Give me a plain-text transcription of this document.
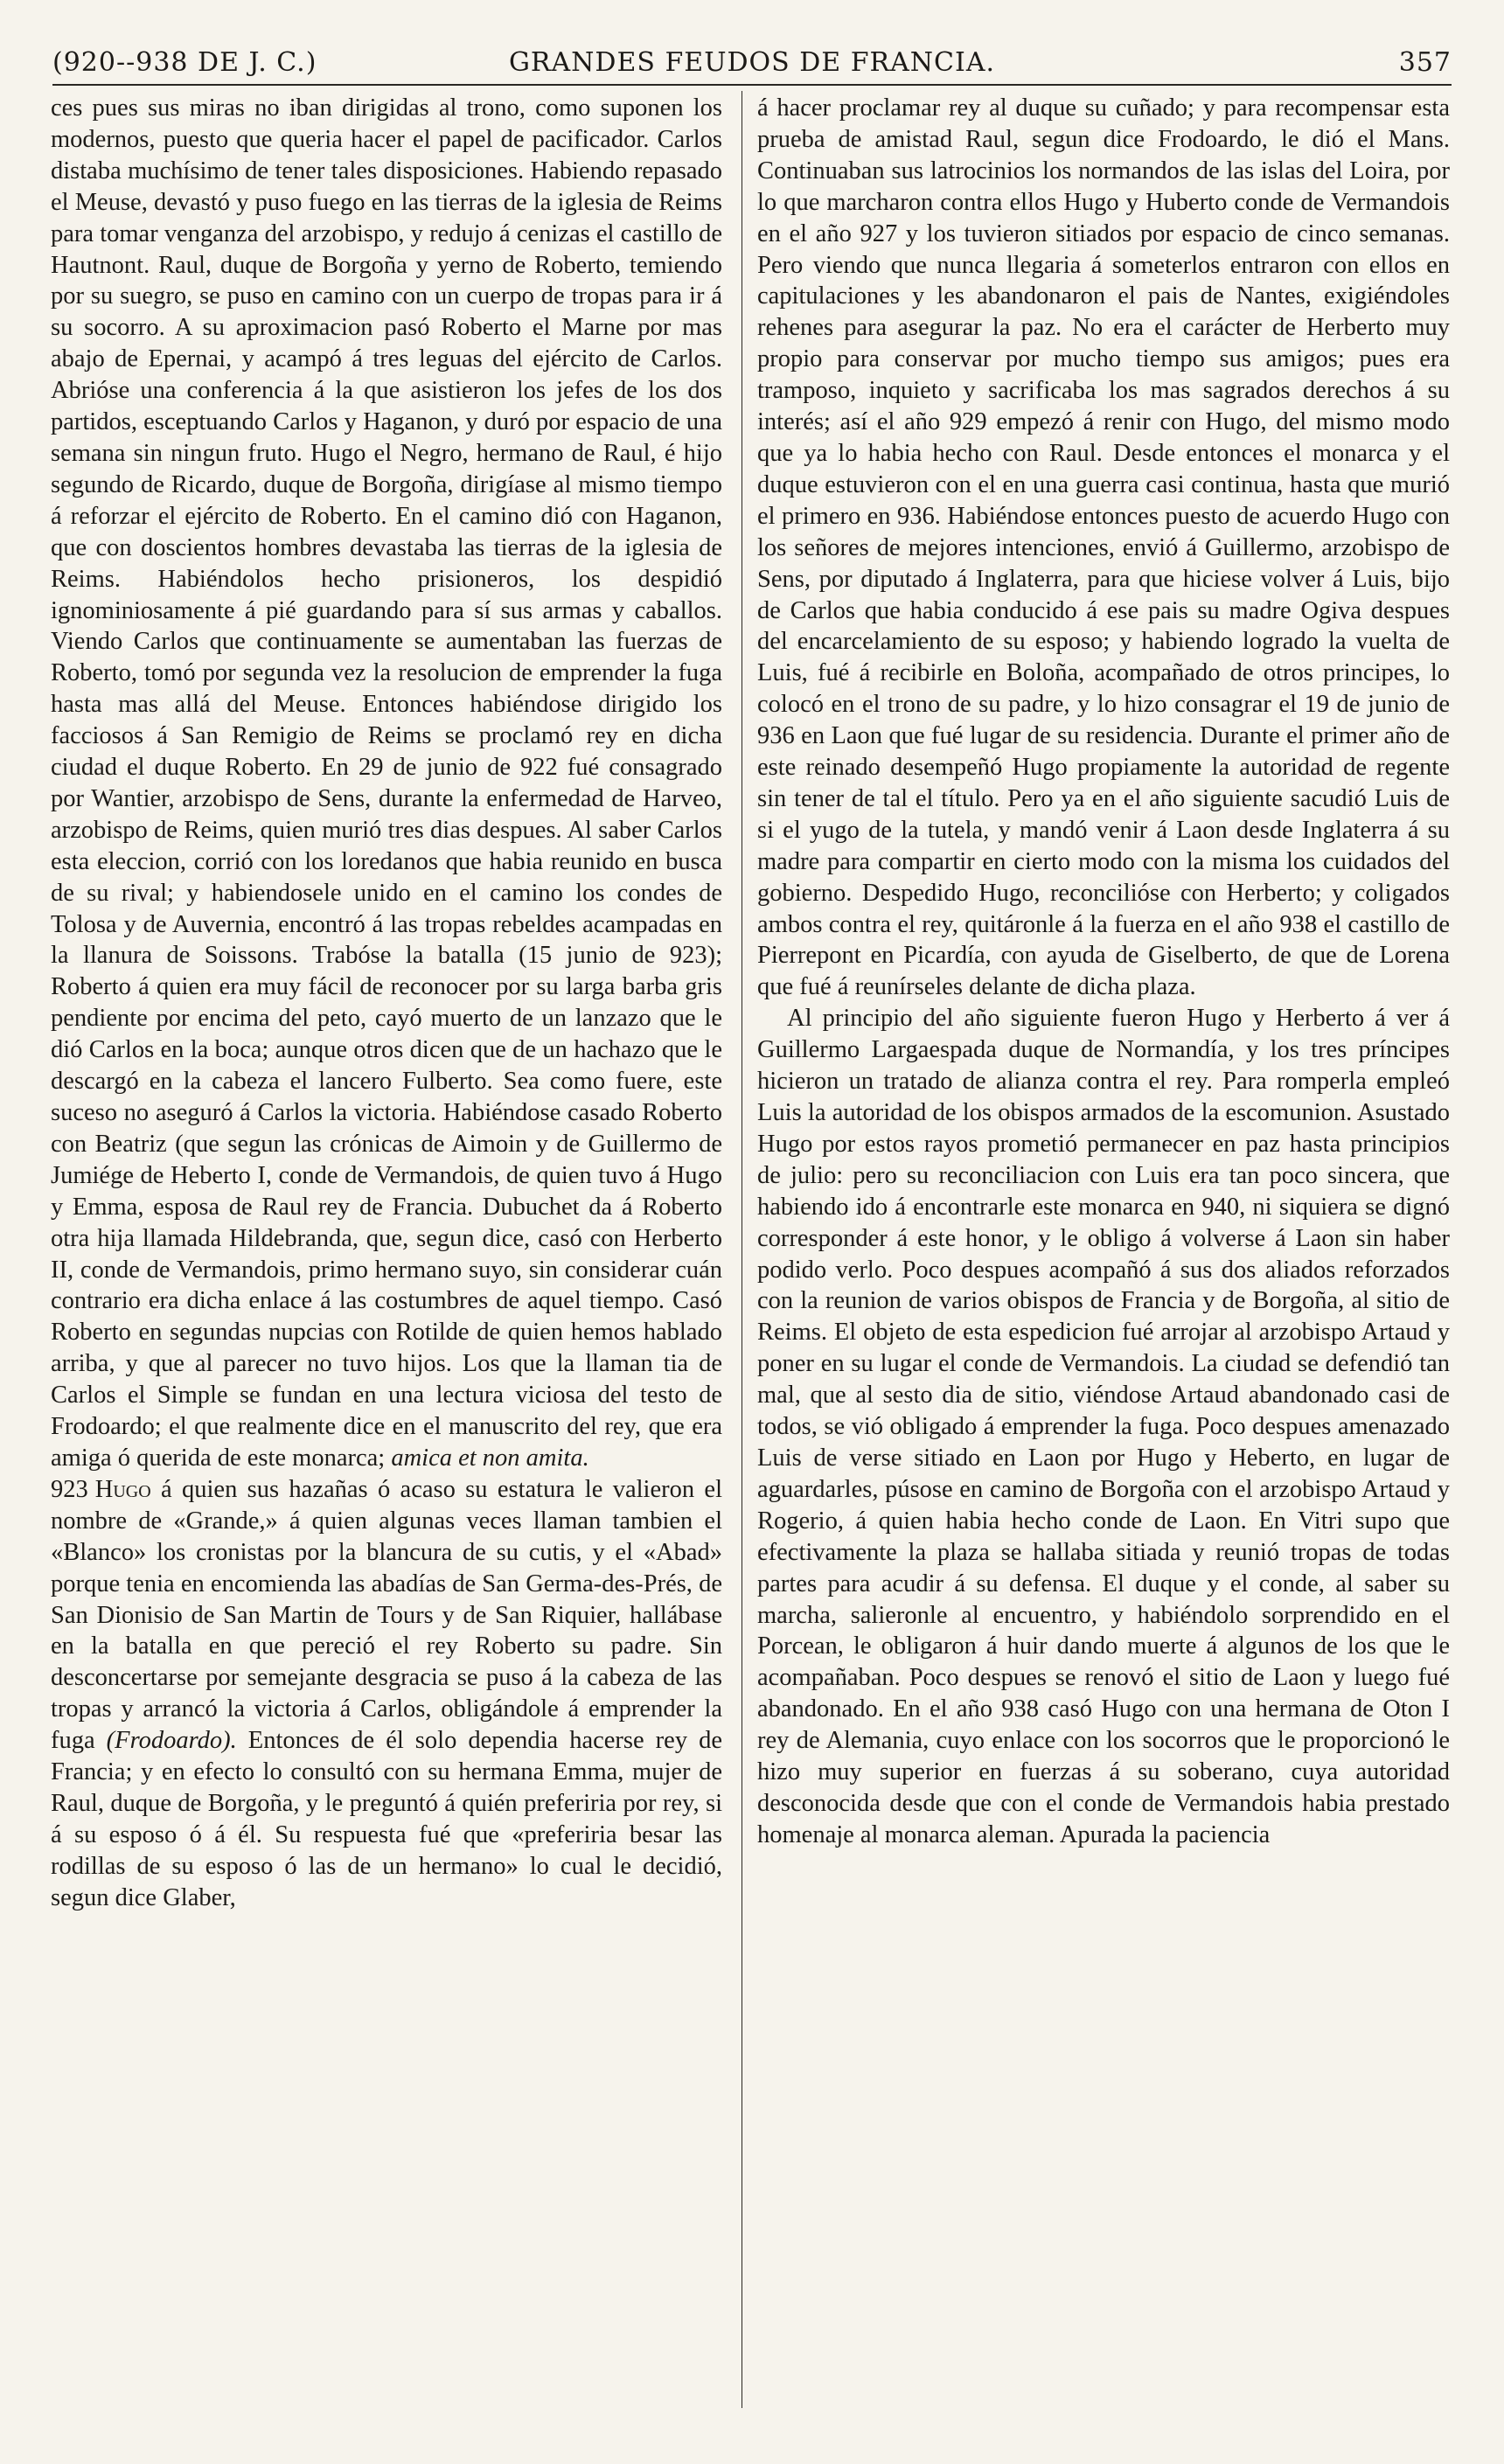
(920--938 DE J. C.)	GRANDES FEUDOS DE FRANCIA.	357

ces pues sus miras no iban dirigidas al trono, como suponen los modernos, puesto que queria hacer el papel de pacificador. Carlos distaba muchísimo de tener tales disposiciones. Habiendo repasado el Meuse, devastó y puso fuego en las tierras de la iglesia de Reims para tomar venganza del arzobispo, y redujo á cenizas el castillo de Hautnont. Raul, duque de Borgoña y yerno de Roberto, temiendo por su suegro, se puso en camino con un cuerpo de tropas para ir á su socorro. A su aproximacion pasó Roberto el Marne por mas abajo de Epernai, y acampó á tres leguas del ejército de Carlos. Abrióse una conferencia á la que asistieron los jefes de los dos partidos, esceptuando Carlos y Haganon, y duró por espacio de una semana sin ningun fruto. Hugo el Negro, hermano de Raul, é hijo segundo de Ricardo, duque de Borgoña, dirigíase al mismo tiempo á reforzar el ejército de Roberto. En el camino dió con Haganon, que con doscientos hombres devastaba las tierras de la iglesia de Reims. Habiéndolos hecho prisioneros, los despidió ignominiosamente á pié guardando para sí sus armas y caballos. Viendo Carlos que continuamente se aumentaban las fuerzas de Roberto, tomó por segunda vez la resolucion de emprender la fuga hasta mas allá del Meuse. Entonces habiéndose dirigido los facciosos á San Remigio de Reims se proclamó rey en dicha ciudad el duque Roberto. En 29 de junio de 922 fué consagrado por Wantier, arzobispo de Sens, durante la enfermedad de Harveo, arzobispo de Reims, quien murió tres dias despues. Al saber Carlos esta eleccion, corrió con los loredanos que habia reunido en busca de su rival; y habiendosele unido en el camino los condes de Tolosa y de Auvernia, encontró á las tropas rebeldes acampadas en la llanura de Soissons. Trabóse la batalla (15 junio de 923); Roberto á quien era muy fácil de reconocer por su larga barba gris pendiente por encima del peto, cayó muerto de un lanzazo que le dió Carlos en la boca; aunque otros dicen que de un hachazo que le descargó en la cabeza el lancero Fulberto. Sea como fuere, este suceso no aseguró á Carlos la victoria. Habiéndose casado Roberto con Beatriz (que segun las crónicas de Aimoin y de Guillermo de Jumiége de Heberto I, conde de Vermandois, de quien tuvo á Hugo y Emma, esposa de Raul rey de Francia. Dubuchet da á Roberto otra hija llamada Hildebranda, que, segun dice, casó con Herberto II, conde de Vermandois, primo hermano suyo, sin considerar cuán contrario era dicha enlace á las costumbres de aquel tiempo. Casó Roberto en segundas nupcias con Rotilde de quien hemos hablado arriba, y que al parecer no tuvo hijos. Los que la llaman tia de Carlos el Simple se fundan en una lectura viciosa del testo de Frodoardo; el que realmente dice en el manuscrito del rey, que era amiga ó querida de este monarca; amica et non amita.

923 Hugo á quien sus hazañas ó acaso su estatura le valieron el nombre de «Grande,» á quien algunas veces llaman tambien el «Blanco» los cronistas por la blancura de su cutis, y el «Abad» porque tenia en encomienda las abadías de San Germa-des-Prés, de San Dionisio de San Martin de Tours y de San Riquier, hallábase en la batalla en que pereció el rey Roberto su padre. Sin desconcertarse por semejante desgracia se puso á la cabeza de las tropas y arrancó la victoria á Carlos, obligándole á emprender la fuga (Frodoardo). Entonces de él solo dependia hacerse rey de Francia; y en efecto lo consultó con su hermana Emma, mujer de Raul, duque de Borgoña, y le preguntó á quién preferiria por rey, si á su esposo ó á él. Su respuesta fué que «preferiria besar las rodillas de su esposo ó las de un hermano» lo cual le decidió, segun dice Glaber,

á hacer proclamar rey al duque su cuñado; y para recompensar esta prueba de amistad Raul, segun dice Frodoardo, le dió el Mans. Continuaban sus latrocinios los normandos de las islas del Loira, por lo que marcharon contra ellos Hugo y Huberto conde de Vermandois en el año 927 y los tuvieron sitiados por espacio de cinco semanas. Pero viendo que nunca llegaria á someterlos entraron con ellos en capitulaciones y les abandonaron el pais de Nantes, exigiéndoles rehenes para asegurar la paz. No era el carácter de Herberto muy propio para conservar por mucho tiempo sus amigos; pues era tramposo, inquieto y sacrificaba los mas sagrados derechos á su interés; así el año 929 empezó á renir con Hugo, del mismo modo que ya lo habia hecho con Raul. Desde entonces el monarca y el duque estuvieron con el en una guerra casi continua, hasta que murió el primero en 936. Habiéndose entonces puesto de acuerdo Hugo con los señores de mejores intenciones, envió á Guillermo, arzobispo de Sens, por diputado á Inglaterra, para que hiciese volver á Luis, bijo de Carlos que habia conducido á ese pais su madre Ogiva despues del encarcelamiento de su esposo; y habiendo logrado la vuelta de Luis, fué á recibirle en Boloña, acompañado de otros principes, lo colocó en el trono de su padre, y lo hizo consagrar el 19 de junio de 936 en Laon que fué lugar de su residencia. Durante el primer año de este reinado desempeñó Hugo propiamente la autoridad de regente sin tener de tal el título. Pero ya en el año siguiente sacudió Luis de si el yugo de la tutela, y mandó venir á Laon desde Inglaterra á su madre para compartir en cierto modo con la misma los cuidados del gobierno. Despedido Hugo, reconcilióse con Herberto; y coligados ambos contra el rey, quitáronle á la fuerza en el año 938 el castillo de Pierrepont en Picardía, con ayuda de Giselberto, de que de Lorena que fué á reunírseles delante de dicha plaza.

Al principio del año siguiente fueron Hugo y Herberto á ver á Guillermo Largaespada duque de Normandía, y los tres príncipes hicieron un tratado de alianza contra el rey. Para romperla empleó Luis la autoridad de los obispos armados de la escomunion. Asustado Hugo por estos rayos prometió permanecer en paz hasta principios de julio: pero su reconciliacion con Luis era tan poco sincera, que habiendo ido á encontrarle este monarca en 940, ni siquiera se dignó corresponder á este honor, y le obligo á volverse á Laon sin haber podido verlo. Poco despues acompañó á sus dos aliados reforzados con la reunion de varios obispos de Francia y de Borgoña, al sitio de Reims. El objeto de esta espedicion fué arrojar al arzobispo Artaud y poner en su lugar el conde de Vermandois. La ciudad se defendió tan mal, que al sesto dia de sitio, viéndose Artaud abandonado casi de todos, se vió obligado á emprender la fuga. Poco despues amenazado Luis de verse sitiado en Laon por Hugo y Heberto, en lugar de aguardarles, púsose en camino de Borgoña con el arzobispo Artaud y Rogerio, á quien habia hecho conde de Laon. En Vitri supo que efectivamente la plaza se hallaba sitiada y reunió tropas de todas partes para acudir á su defensa. El duque y el conde, al saber su marcha, salieronle al encuentro, y habiéndolo sorprendido en el Porcean, le obligaron á huir dando muerte á algunos de los que le acompañaban. Poco despues se renovó el sitio de Laon y luego fué abandonado. En el año 938 casó Hugo con una hermana de Oton I rey de Alemania, cuyo enlace con los socorros que le proporcionó le hizo muy superior en fuerzas á su soberano, cuya autoridad desconocida desde que con el conde de Vermandois habia prestado homenaje al monarca aleman. Apurada la paciencia
